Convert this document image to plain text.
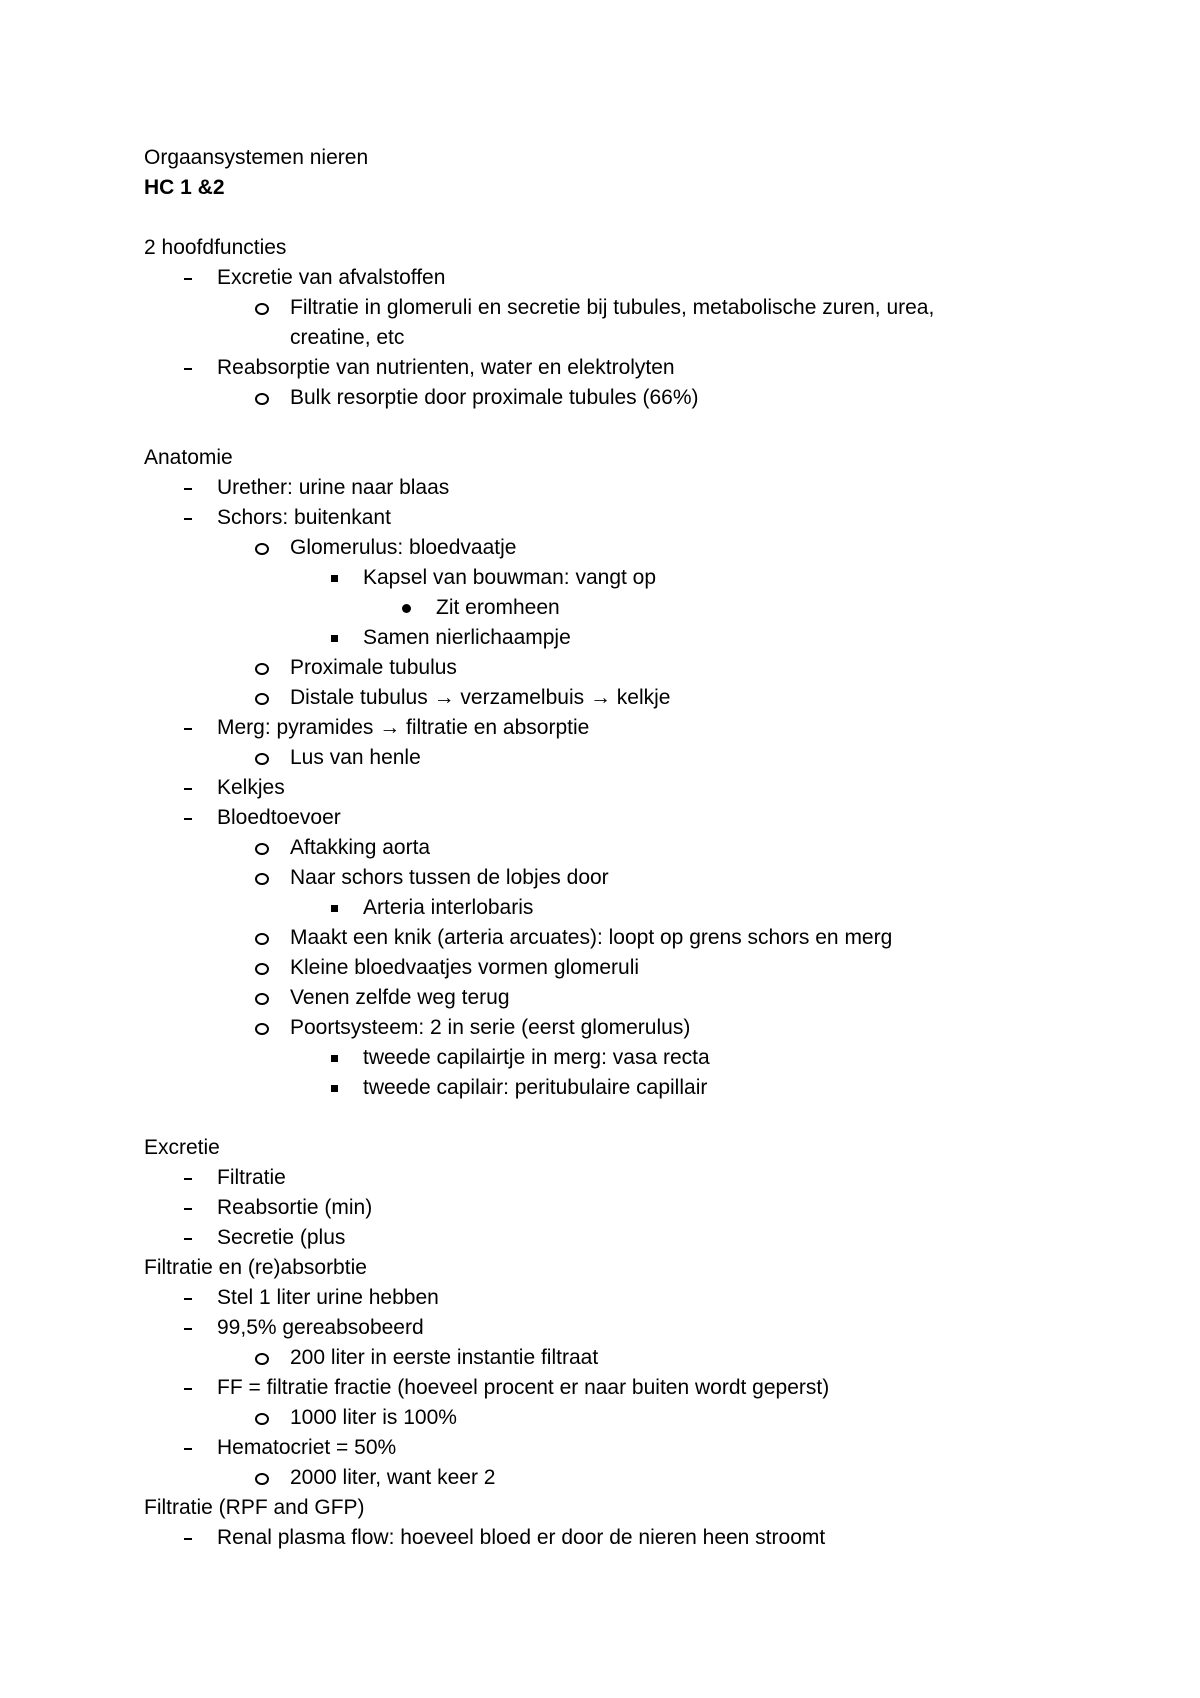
Orgaansystemen nieren
HC 1 &2
2 hoofdfuncties
Excretie van afvalstoffen
Filtratie in glomeruli en secretie bij tubules, metabolische zuren, urea,
creatine, etc
Reabsorptie van nutrienten, water en elektrolyten
Bulk resorptie door proximale tubules (66%)
Anatomie
Urether: urine naar blaas
Schors: buitenkant
Glomerulus: bloedvaatje
Kapsel van bouwman: vangt op
Zit eromheen
Samen nierlichaampje
Proximale tubulus
Distale tubulus → verzamelbuis → kelkje
Merg: pyramides → filtratie en absorptie
Lus van henle
Kelkjes
Bloedtoevoer
Aftakking aorta
Naar schors tussen de lobjes door
Arteria interlobaris
Maakt een knik (arteria arcuates): loopt op grens schors en merg
Kleine bloedvaatjes vormen glomeruli
Venen zelfde weg terug
Poortsysteem: 2 in serie (eerst glomerulus)
tweede capilairtje in merg: vasa recta
tweede capilair: peritubulaire capillair
Excretie
Filtratie
Reabsortie (min)
Secretie (plus
Filtratie en (re)absorbtie
Stel 1 liter urine hebben
99,5% gereabsobeerd
200 liter in eerste instantie filtraat
FF = filtratie fractie (hoeveel procent er naar buiten wordt geperst)
1000 liter is 100%
Hematocriet = 50%
2000 liter, want keer 2
Filtratie (RPF and GFP)
Renal plasma flow: hoeveel bloed er door de nieren heen stroomt
